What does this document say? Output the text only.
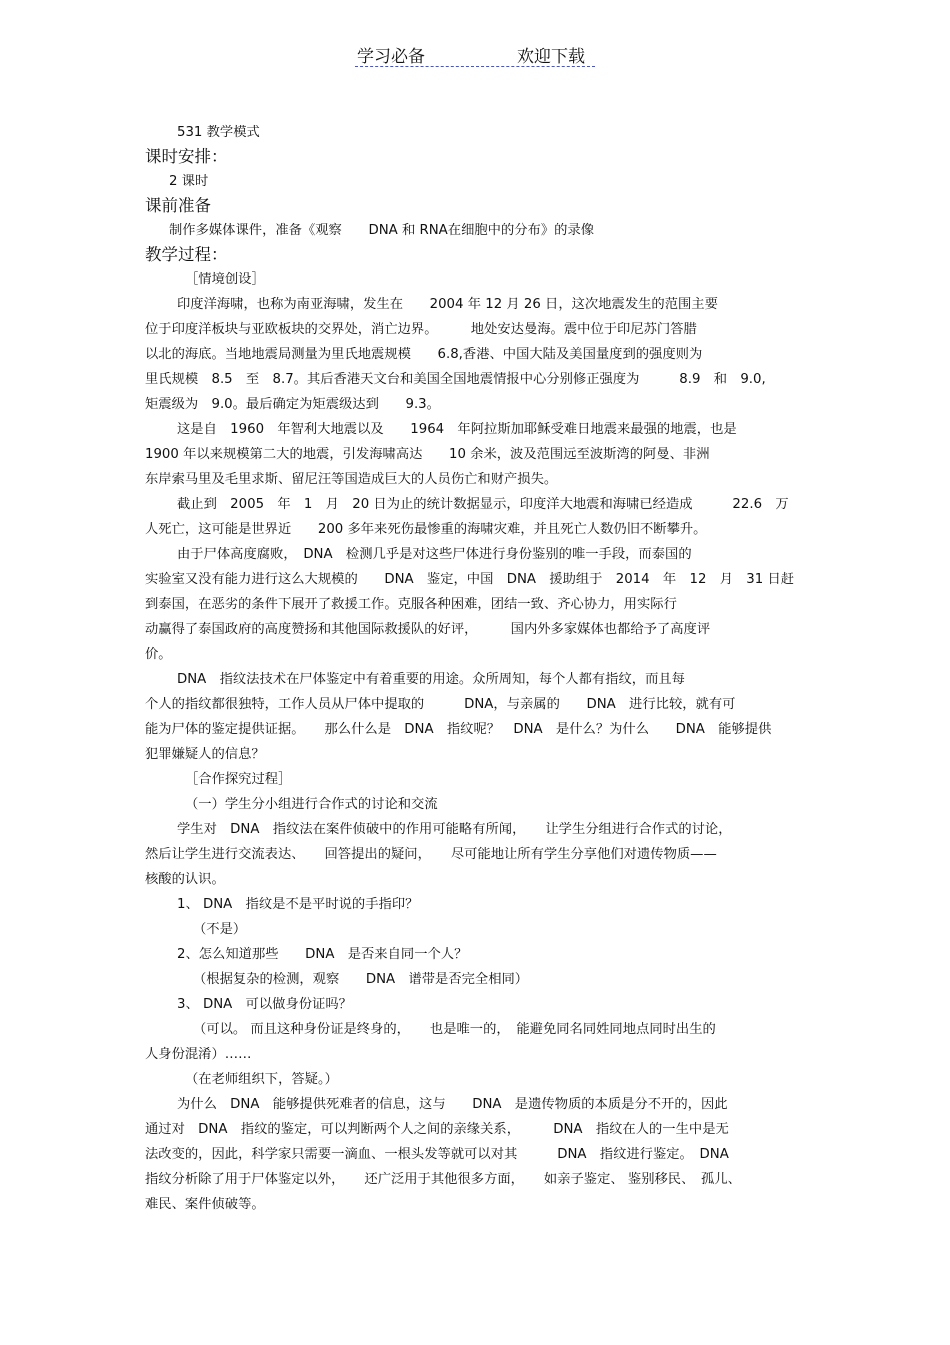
学习必备	欢迎下载
531 教学模式
课时安排：
2 课时
课前准备
制作多媒体课件，准备《观察　　DNA 和 RNA在细胞中的分布》的录像
教学过程：
［情境创设］
印度洋海啸，也称为南亚海啸，发生在　　2004 年 12 月 26 日，这次地震发生的范围主要
位于印度洋板块与亚欧板块的交界处，消亡边界。　　　地处安达曼海。震中位于印尼苏门答腊
以北的海底。当地地震局测量为里氏地震规模　　6.8,香港、中国大陆及美国量度到的强度则为
里氏规模　8.5　至　8.7。其后香港天文台和美国全国地震情报中心分别修正强度为　　　8.9　和　9.0,
矩震级为　9.0。最后确定为矩震级达到　　9.3。
这是自　1960　年智利大地震以及　　1964　年阿拉斯加耶稣受难日地震来最强的地震，也是
1900 年以来规模第二大的地震，引发海啸高达　　10 余米，波及范围远至波斯湾的阿曼、非洲
东岸索马里及毛里求斯、留尼汪等国造成巨大的人员伤亡和财产损失。
截止到　2005　年　1　月　20 日为止的统计数据显示，印度洋大地震和海啸已经造成　　　22.6　万
人死亡，这可能是世界近　　200 多年来死伤最惨重的海啸灾难，并且死亡人数仍旧不断攀升。
由于尸体高度腐败，　DNA　检测几乎是对这些尸体进行身份鉴别的唯一手段，而泰国的
实验室又没有能力进行这么大规模的　　DNA　鉴定，中国　DNA　援助组于　2014　年　12　月　31 日赶
到泰国，在恶劣的条件下展开了救援工作。克服各种困难，团结一致、齐心协力，用实际行
动赢得了泰国政府的高度赞扬和其他国际救援队的好评，　　　国内外多家媒体也都给予了高度评
价。
DNA　指纹法技术在尸体鉴定中有着重要的用途。众所周知，每个人都有指纹，而且每
个人的指纹都很独特，工作人员从尸体中提取的　　　DNA，与亲属的　　DNA　进行比较，就有可
能为尸体的鉴定提供证据。　　那么什么是　DNA　指纹呢？　DNA　是什么？为什么　　DNA　能够提供
犯罪嫌疑人的信息？
［合作探究过程］
（一）学生分小组进行合作式的讨论和交流
学生对　DNA　指纹法在案件侦破中的作用可能略有所闻，　　让学生分组进行合作式的讨论，
然后让学生进行交流表达、　　回答提出的疑问，　　尽可能地让所有学生分享他们对遗传物质——
核酸的认识。
1、 DNA　指纹是不是平时说的手指印？
（不是）
2、怎么知道那些　　DNA　是否来自同一个人？
（根据复杂的检测，观察　　DNA　谱带是否完全相同）
3、 DNA　可以做身份证吗？
（可以。 而且这种身份证是终身的，　　也是唯一的，　能避免同名同姓同地点同时出生的
人身份混淆）……
（在老师组织下，答疑。）
为什么　DNA　能够提供死难者的信息，这与　　DNA　是遗传物质的本质是分不开的，因此
通过对　DNA　指纹的鉴定，可以判断两个人之间的亲缘关系，　　　DNA　指纹在人的一生中是无
法改变的，因此，科学家只需要一滴血、一根头发等就可以对其　　　DNA　指纹进行鉴定。　DNA
指纹分析除了用于尸体鉴定以外，　　还广泛用于其他很多方面，　　如亲子鉴定、 鉴别移民、　孤儿、
难民、案件侦破等。
